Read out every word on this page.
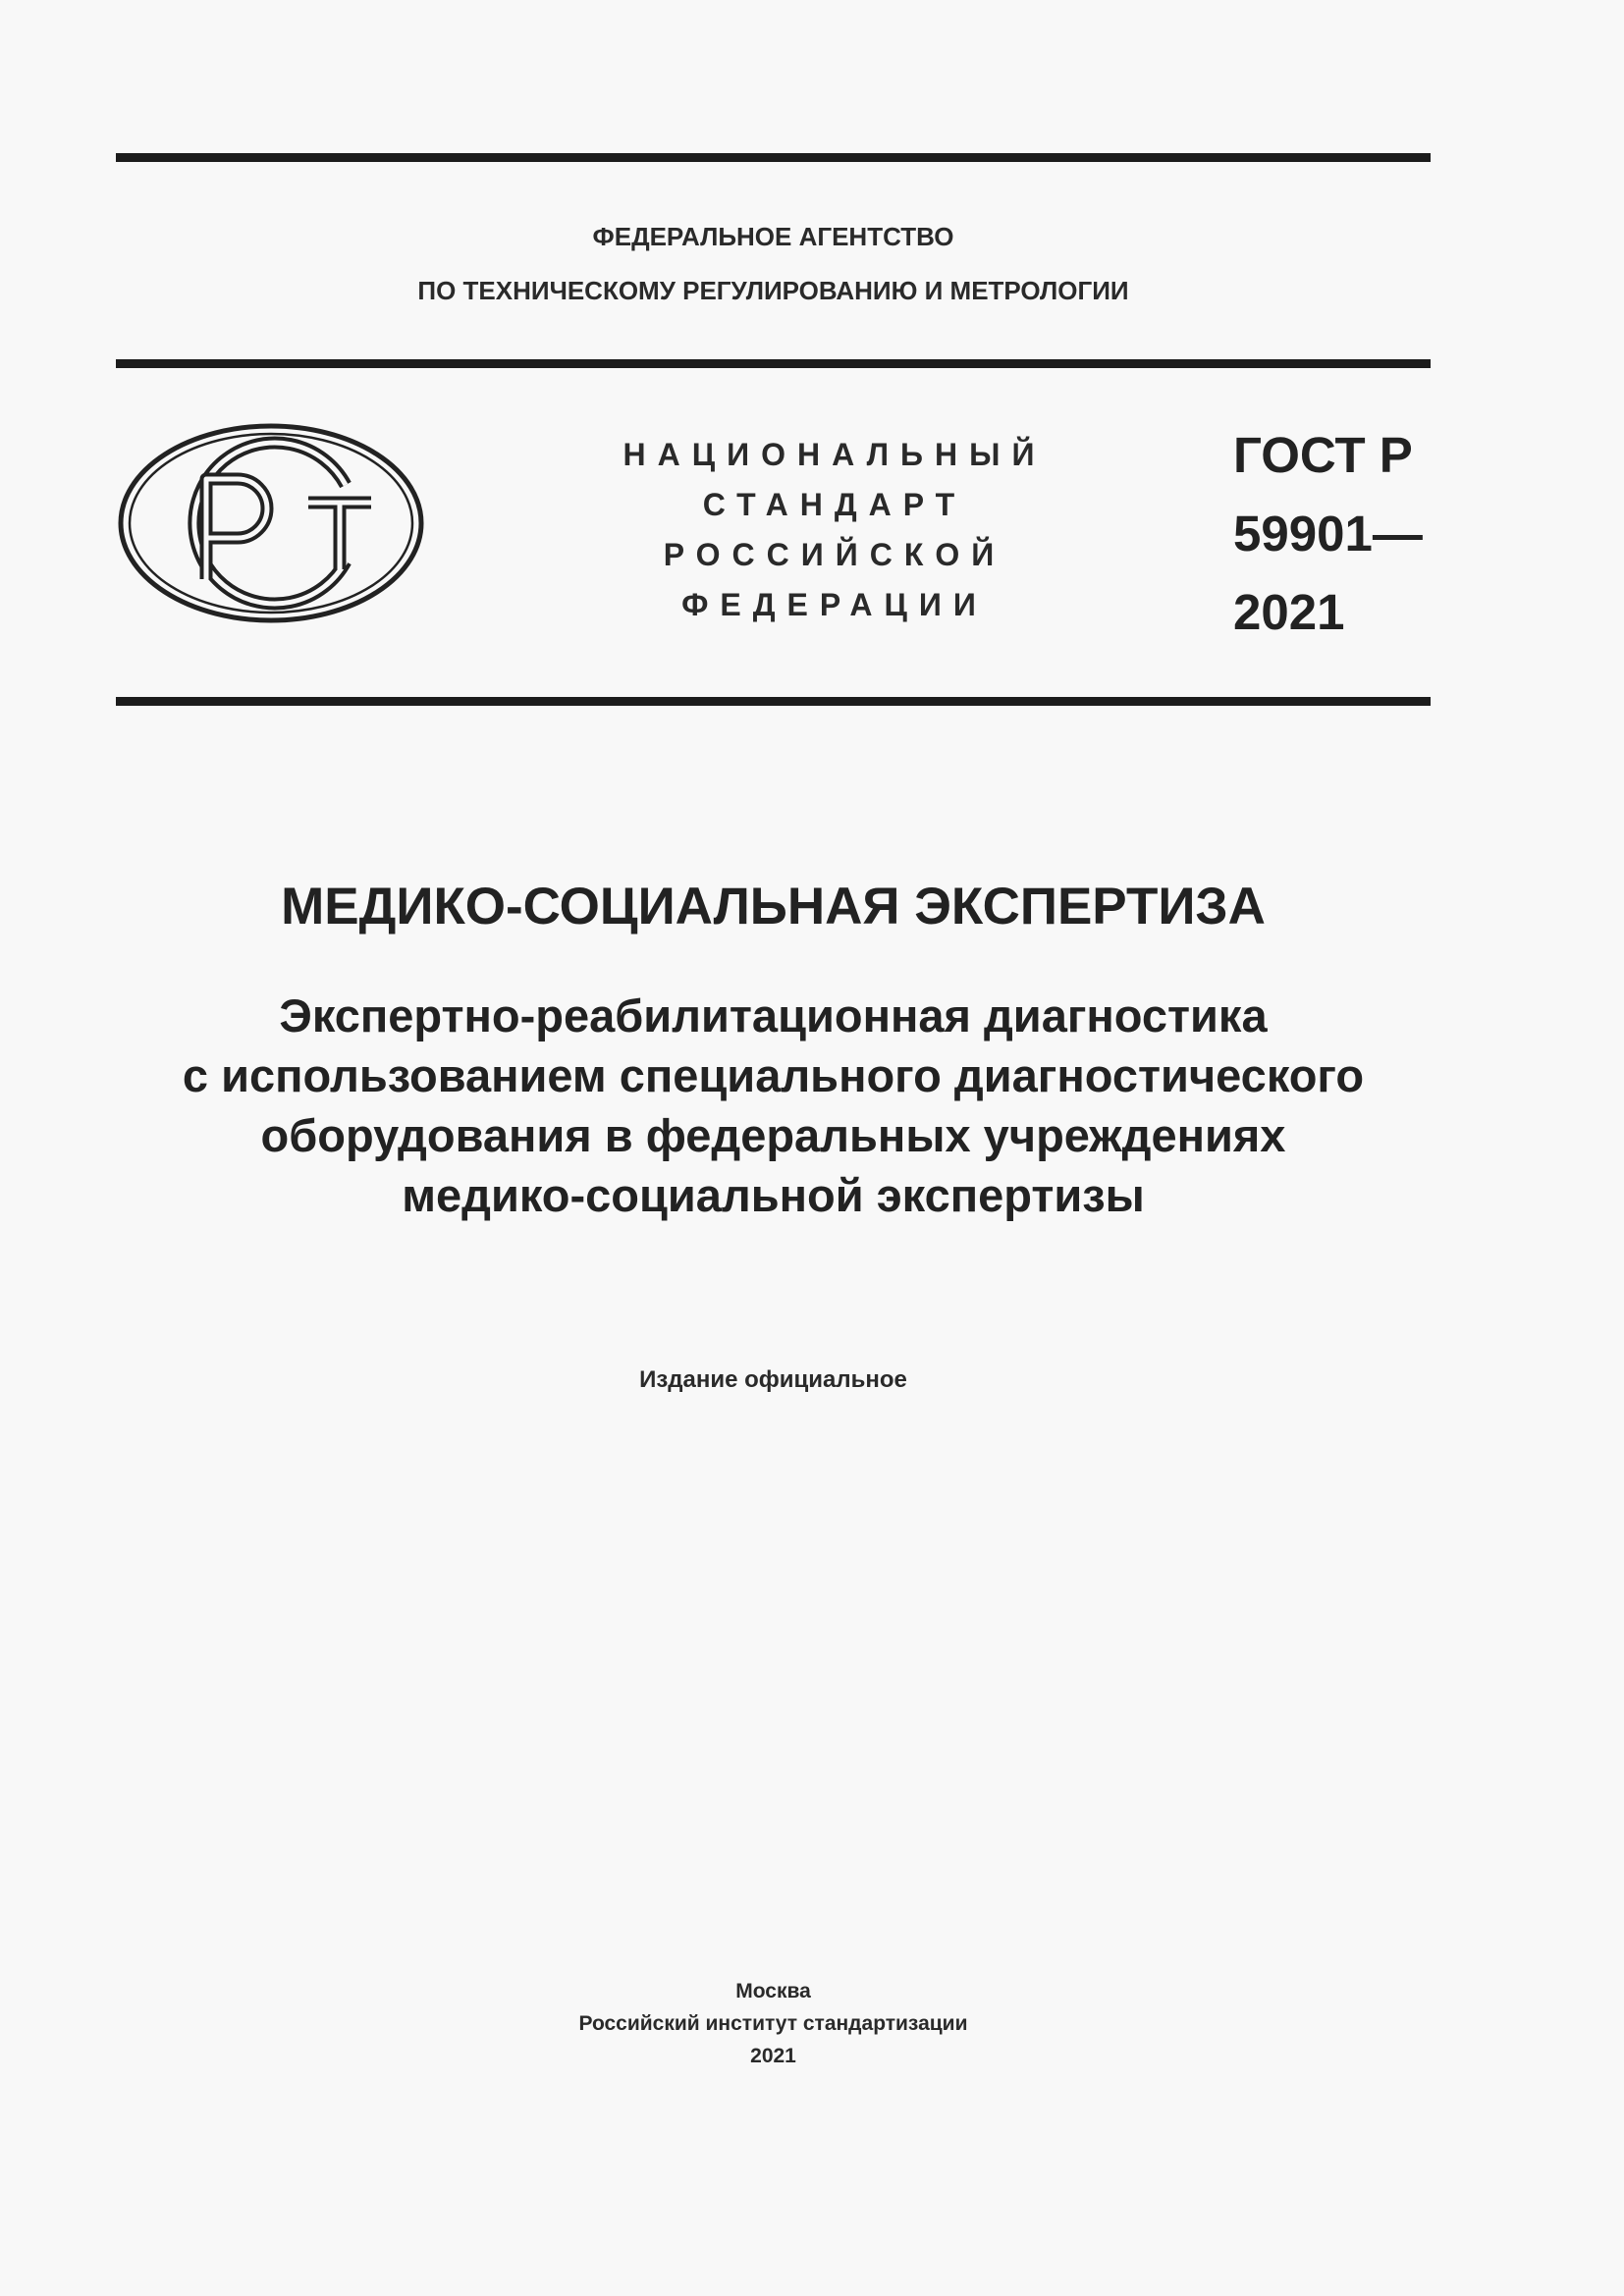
ФЕДЕРАЛЬНОЕ АГЕНТСТВО
ПО ТЕХНИЧЕСКОМУ РЕГУЛИРОВАНИЮ И МЕТРОЛОГИИ
НАЦИОНАЛЬНЫЙ
СТАНДАРТ
РОССИЙСКОЙ
ФЕДЕРАЦИИ
ГОСТ Р
59901—
2021
МЕДИКО-СОЦИАЛЬНАЯ ЭКСПЕРТИЗА
Экспертно-реабилитационная диагностика
с использованием специального диагностического
оборудования в федеральных учреждениях
медико-социальной экспертизы
Издание официальное
Москва
Российский институт стандартизации
2021
